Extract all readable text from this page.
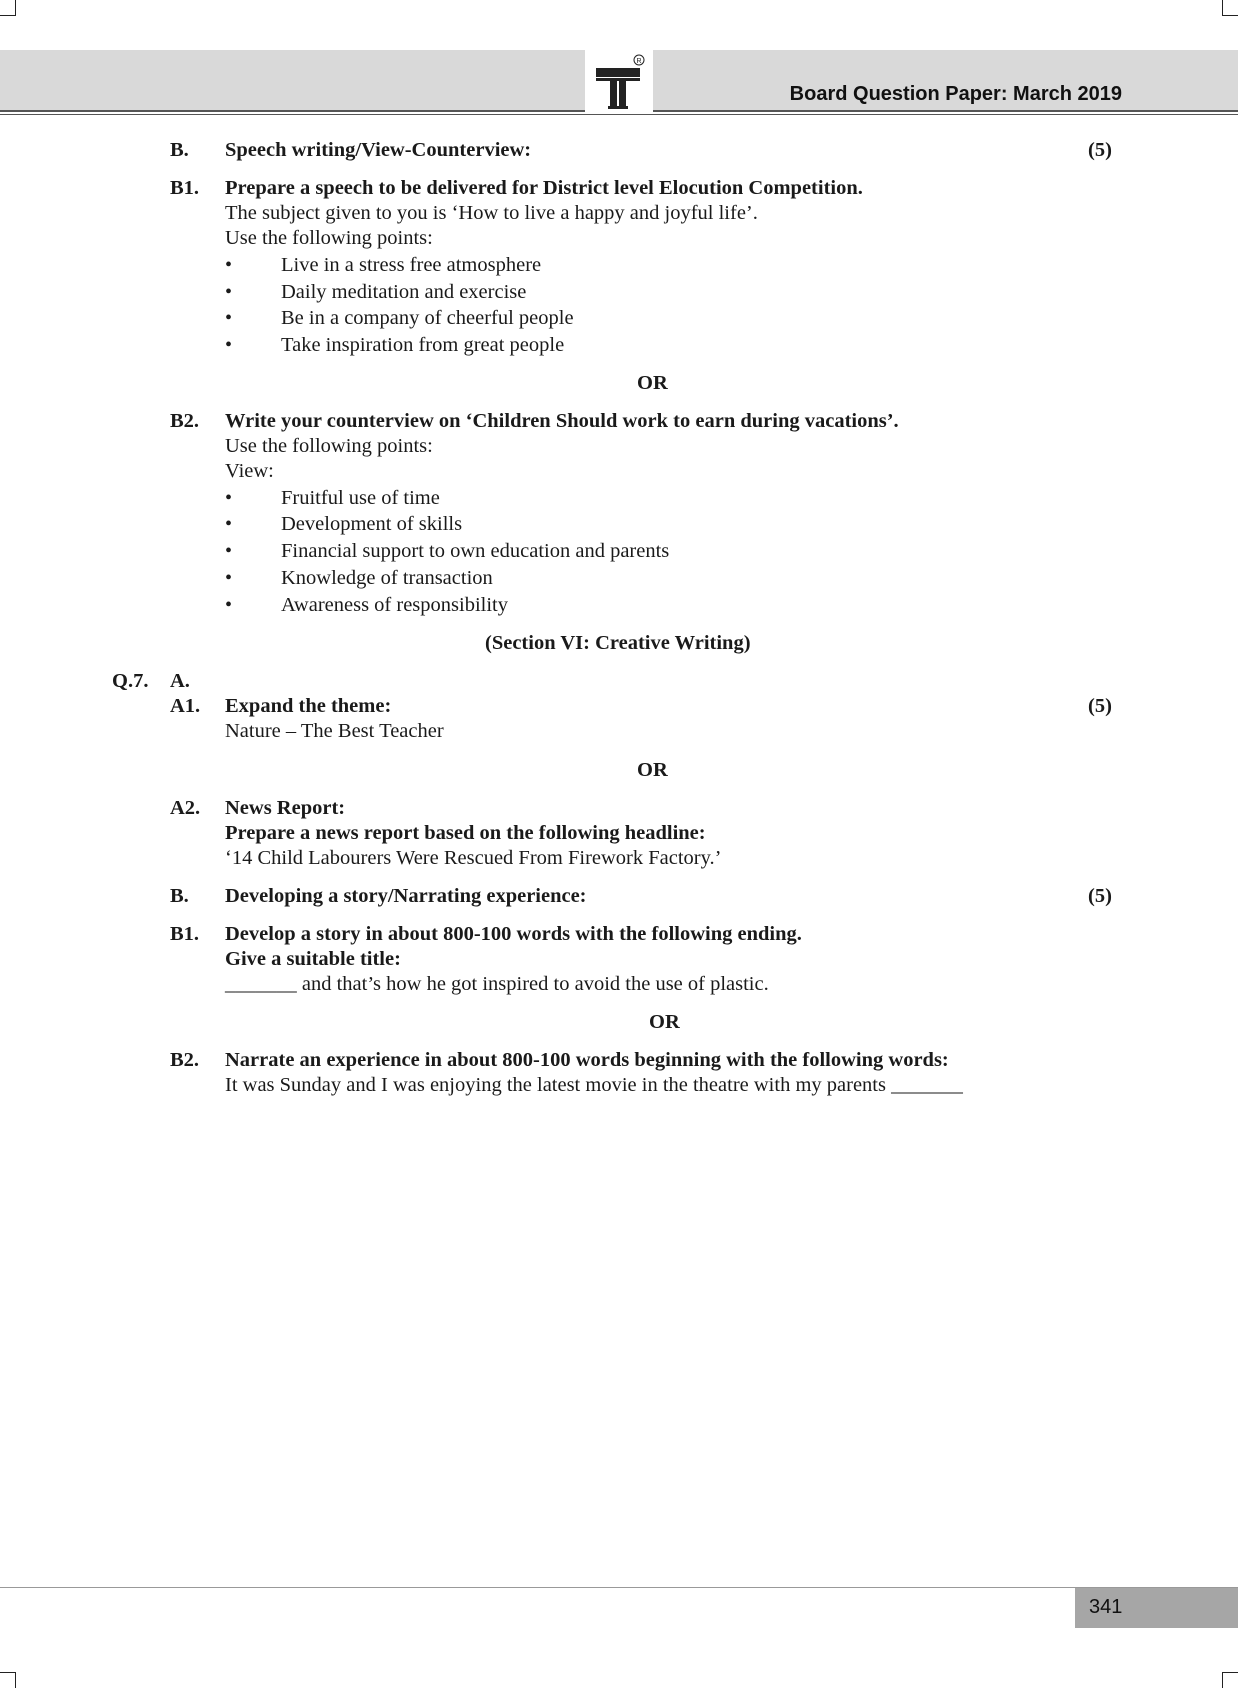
R
Board Question Paper: March 2019
B. Speech writing/View-Counterview:	(5)
B1. Prepare a speech to be delivered for District level Elocution Competition.
The subject given to you is ‘How to live a happy and joyful life’.
Use the following points:
• Live in a stress free atmosphere
• Daily meditation and exercise
• Be in a company of cheerful people
• Take inspiration from great people
OR
B2. Write your counterview on ‘Children Should work to earn during vacations’.
Use the following points:
View:
• Fruitful use of time
• Development of skills
• Financial support to own education and parents
• Knowledge of transaction
• Awareness of responsibility
(Section VI: Creative Writing)
Q.7. A.
A1. Expand the theme:	(5)
Nature – The Best Teacher
OR
A2. News Report:
Prepare a news report based on the following headline:
‘14 Child Labourers Were Rescued From Firework Factory.’
B. Developing a story/Narrating experience:	(5)
B1. Develop a story in about 800-100 words with the following ending.
Give a suitable title:
_______ and that’s how he got inspired to avoid the use of plastic.
OR
B2. Narrate an experience in about 800-100 words beginning with the following words:
It was Sunday and I was enjoying the latest movie in the theatre with my parents _______
341
